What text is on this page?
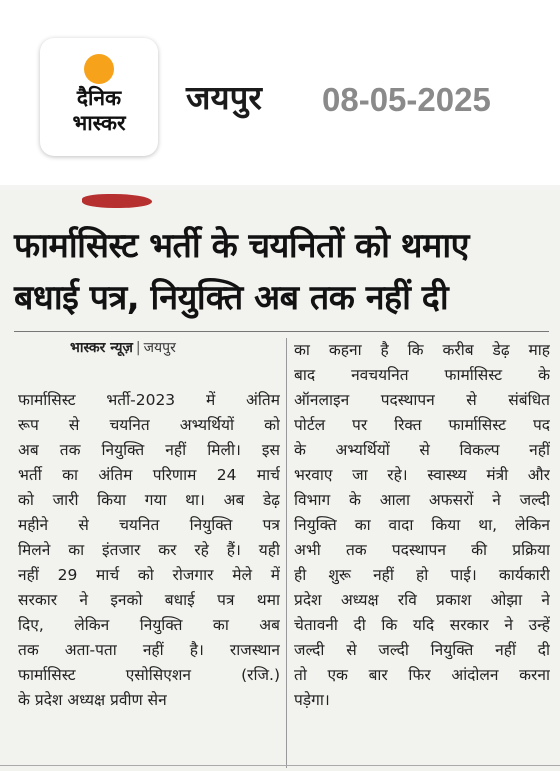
दैनिक
भास्कर
जयपुर 08-05-2025
फार्मासिस्ट भर्ती के चयनितों को थमाए
बधाई पत्र, नियुक्ति अब तक नहीं दी
भास्कर न्यूज़ | जयपुर
फार्मासिस्ट भर्ती-2023 में अंतिम
रूप से चयनित अभ्यर्थियों को
अब तक नियुक्ति नहीं मिली। इस
भर्ती का अंतिम परिणाम 24 मार्च
को जारी किया गया था। अब डेढ़
महीने से चयनित नियुक्ति पत्र
मिलने का इंतजार कर रहे हैं। यही
नहीं 29 मार्च को रोजगार मेले में
सरकार ने इनको बधाई पत्र थमा
दिए, लेकिन नियुक्ति का अब
तक अता-पता नहीं है। राजस्थान
फार्मासिस्ट एसोसिएशन (रजि.)
के प्रदेश अध्यक्ष प्रवीण सेन
का कहना है कि करीब डेढ़ माह
बाद नवचयनित फार्मासिस्ट के
ऑनलाइन पदस्थापन से संबंधित
पोर्टल पर रिक्त फार्मासिस्ट पद
के अभ्यर्थियों से विकल्प नहीं
भरवाए जा रहे। स्वास्थ्य मंत्री और
विभाग के आला अफसरों ने जल्दी
नियुक्ति का वादा किया था, लेकिन
अभी तक पदस्थापन की प्रक्रिया
ही शुरू नहीं हो पाई। कार्यकारी
प्रदेश अध्यक्ष रवि प्रकाश ओझा ने
चेतावनी दी कि यदि सरकार ने उन्हें
जल्दी से जल्दी नियुक्ति नहीं दी
तो एक बार फिर आंदोलन करना
पड़ेगा।
